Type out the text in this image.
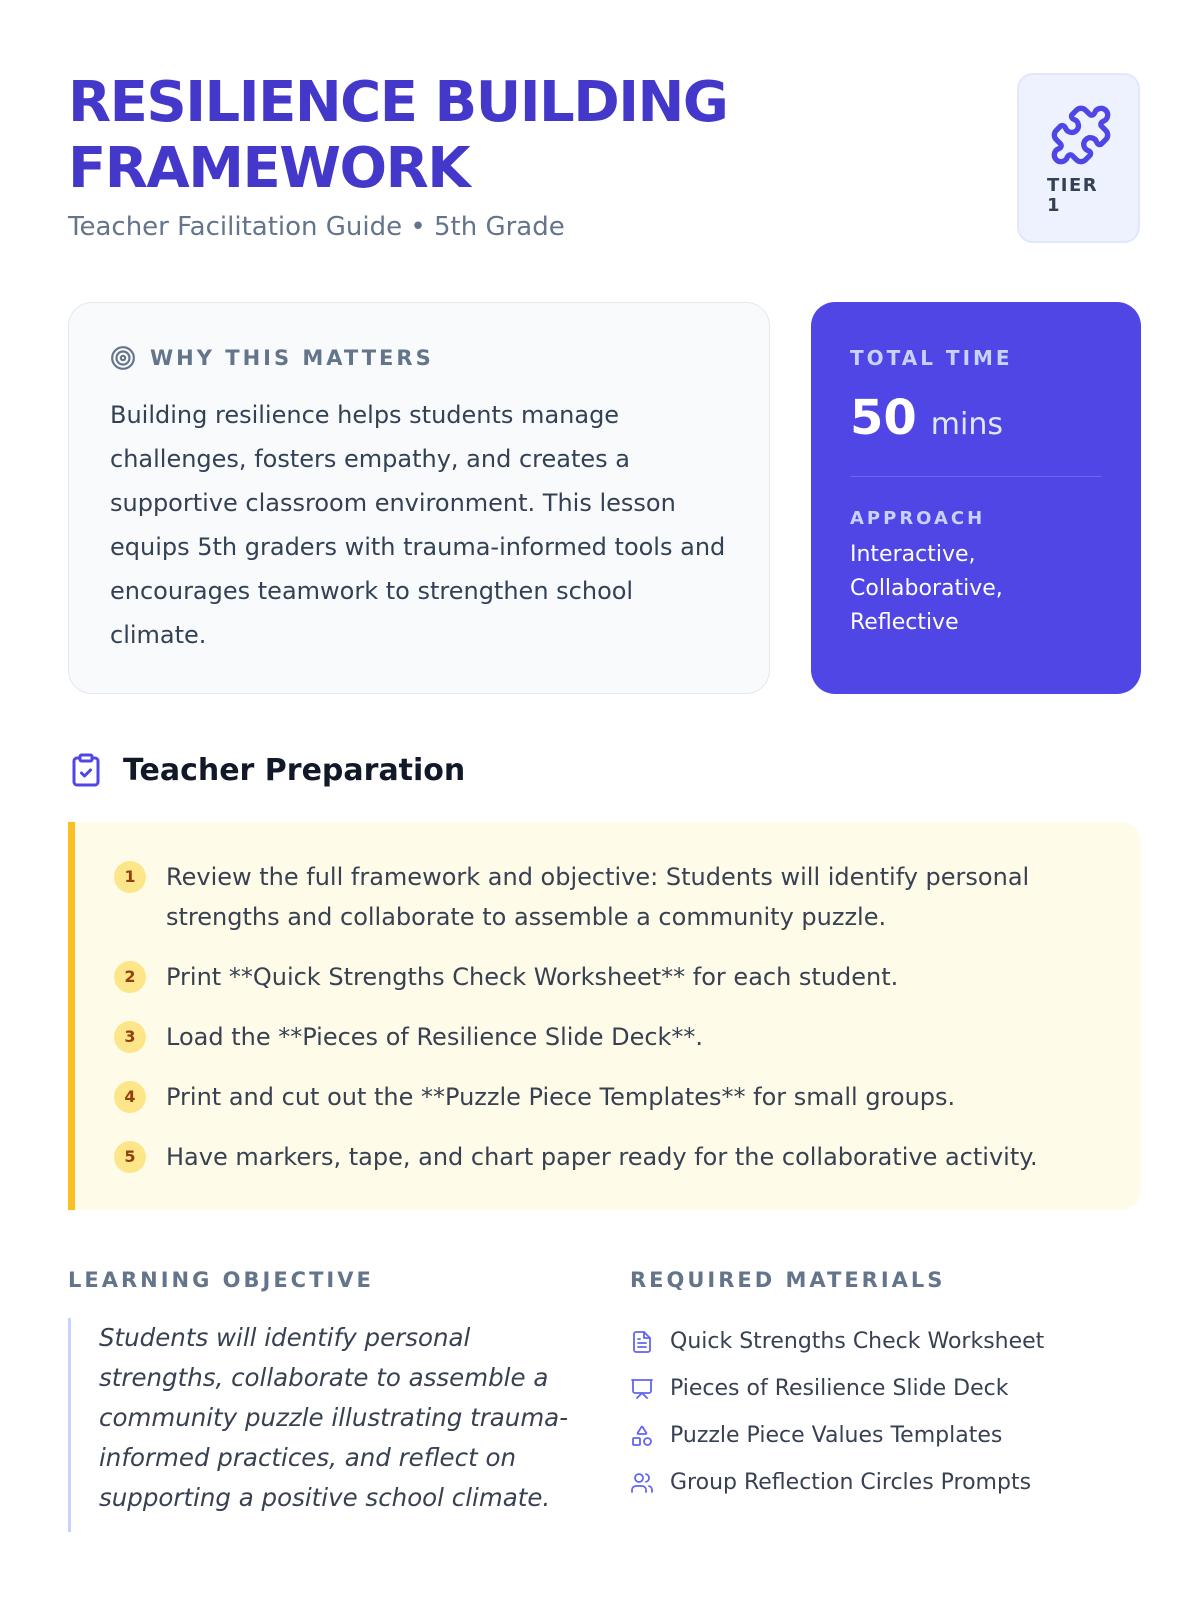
RESILIENCE BUILDING FRAMEWORK
Teacher Facilitation Guide • 5th Grade
TIER 1
WHY THIS MATTERS

Building resilience helps students manage challenges, fosters empathy, and creates a supportive classroom environment. This lesson equips 5th graders with trauma-informed tools and encourages teamwork to strengthen school climate.

TOTAL TIME
50 mins
APPROACH
Interactive, Collaborative, Reflective
Teacher Preparation
1	Review the full framework and objective: Students will identify personal strengths and collaborate to assemble a community puzzle.
2	Print **Quick Strengths Check Worksheet** for each student.
3	Load the **Pieces of Resilience Slide Deck**.
4	Print and cut out the **Puzzle Piece Templates** for small groups.
5	Have markers, tape, and chart paper ready for the collaborative activity.
LEARNING OBJECTIVE
Students will identify personal strengths, collaborate to assemble a community puzzle illustrating trauma-informed practices, and reflect on supporting a positive school climate.
REQUIRED MATERIALS
Quick Strengths Check Worksheet
Pieces of Resilience Slide Deck
Puzzle Piece Values Templates
Group Reflection Circles Prompts
